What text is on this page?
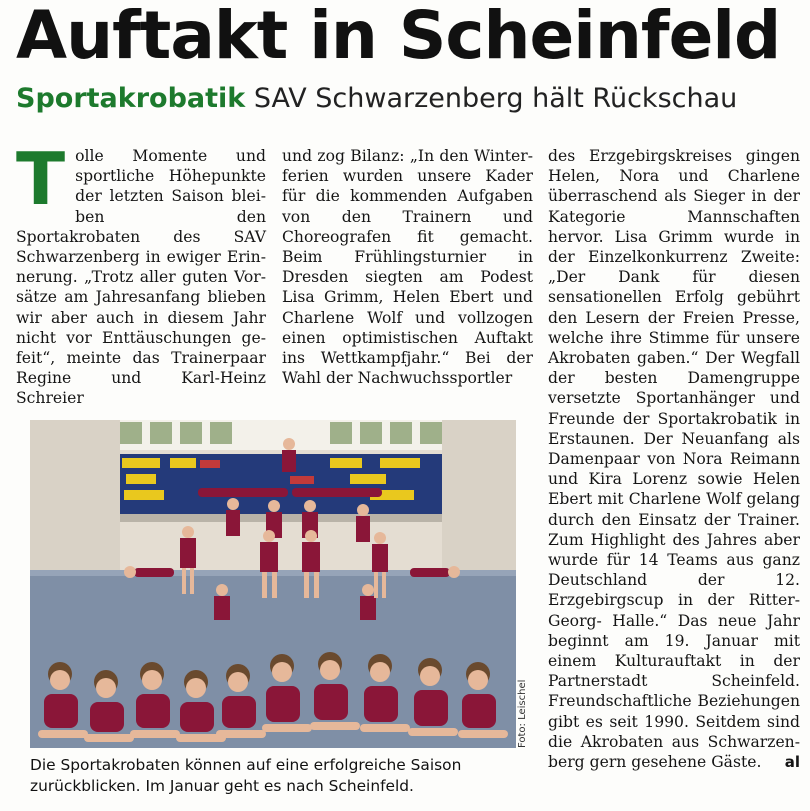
Auftakt in Scheinfeld
Sportakrobatik SAV Schwarzenberg hält Rückschau
T olle Momente und sportliche Höhepunkte der letzten Saison bleiben den Sportakrobaten des SAV Schwarzenberg in ewiger Erinnerung. „Trotz aller guten Vorsätze am Jahresanfang blieben wir aber auch in diesem Jahr nicht vor Enttäuschungen gefeit“, meinte das Trainerpaar Regine und Karl-Heinz Schreier

und zog Bilanz: „In den Winterferien wurden unsere Kader für die kommenden Aufgaben von den Trainern und Choreografen fit gemacht. Beim Frühlingsturnier in Dresden siegten am Podest Lisa Grimm, Helen Ebert und Charlene Wolf und vollzogen einen optimistischen Auftakt ins Wettkampfjahr.“ Bei der Wahl der Nachwuchssportler

des Erzgebirgskreises gingen Helen, Nora und Charlene überraschend als Sieger in der Kategorie Mannschaften hervor. Lisa Grimm wurde in der Einzelkonkurrenz Zweite: „Der Dank für diesen sensationellen Erfolg gebührt den Lesern der Freien Presse, welche ihre Stimme für unsere Akrobaten gaben.“ Der Wegfall der besten Damengruppe versetzte Sportanhänger und Freunde der Sportakrobatik in Erstaunen. Der Neuanfang als Damenpaar von Nora Reimann und Kira Lorenz sowie Helen Ebert mit Charlene Wolf gelang durch den Einsatz der Trainer. Zum Highlight des Jahres aber wurde für 14 Teams aus ganz Deutschland der 12. Erzgebirgscup in der Ritter- Georg- Halle.“ Das neue Jahr beginnt am 19. Januar mit einem Kulturauftakt in der Partnerstadt Scheinfeld. Freundschaftliche Beziehungen gibt es seit 1990. Seitdem sind die Akrobaten aus Schwarzenberg gern gesehene Gäste. al

Foto: Leischel
Die Sportakrobaten können auf eine erfolgreiche Saison zurückblicken. Im Januar geht es nach Scheinfeld.
